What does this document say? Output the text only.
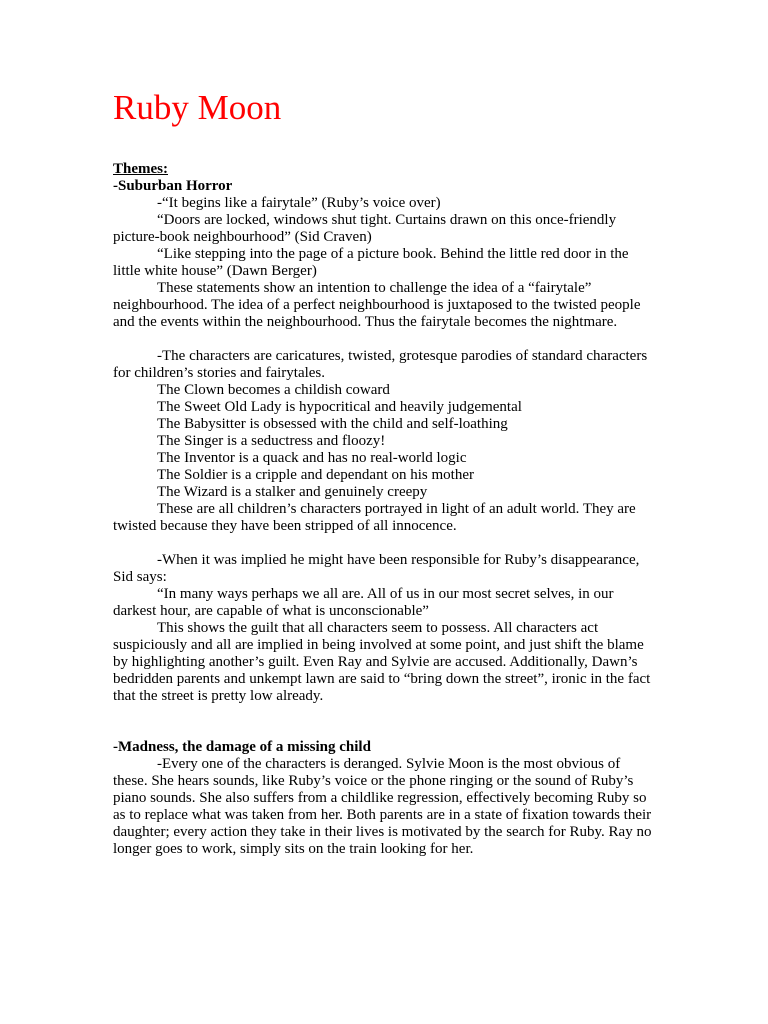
Ruby Moon
Themes:
-Suburban Horror
-“It begins like a fairytale” (Ruby’s voice over)
“Doors are locked, windows shut tight. Curtains drawn on this once-friendly picture-book neighbourhood” (Sid Craven)
“Like stepping into the page of a picture book. Behind the little red door in the little white house” (Dawn Berger)
These statements show an intention to challenge the idea of a “fairytale” neighbourhood. The idea of a perfect neighbourhood is juxtaposed to the twisted people and the events within the neighbourhood. Thus the fairytale becomes the nightmare.
-The characters are caricatures, twisted, grotesque parodies of standard characters for children’s stories and fairytales.
The Clown becomes a childish coward
The Sweet Old Lady is hypocritical and heavily judgemental
The Babysitter is obsessed with the child and self-loathing
The Singer is a seductress and floozy!
The Inventor is a quack and has no real-world logic
The Soldier is a cripple and dependant on his mother
The Wizard is a stalker and genuinely creepy
These are all children’s characters portrayed in light of an adult world. They are twisted because they have been stripped of all innocence.
-When it was implied he might have been responsible for Ruby’s disappearance, Sid says:
“In many ways perhaps we all are. All of us in our most secret selves, in our darkest hour, are capable of what is unconscionable”
This shows the guilt that all characters seem to possess. All characters act suspiciously and all are implied in being involved at some point, and just shift the blame by highlighting another’s guilt. Even Ray and Sylvie are accused. Additionally, Dawn’s bedridden parents and unkempt lawn are said to “bring down the street”, ironic in the fact that the street is pretty low already.
-Madness, the damage of a missing child
-Every one of the characters is deranged. Sylvie Moon is the most obvious of these. She hears sounds, like Ruby’s voice or the phone ringing or the sound of Ruby’s piano sounds. She also suffers from a childlike regression, effectively becoming Ruby so as to replace what was taken from her. Both parents are in a state of fixation towards their daughter; every action they take in their lives is motivated by the search for Ruby. Ray no longer goes to work, simply sits on the train looking for her.
